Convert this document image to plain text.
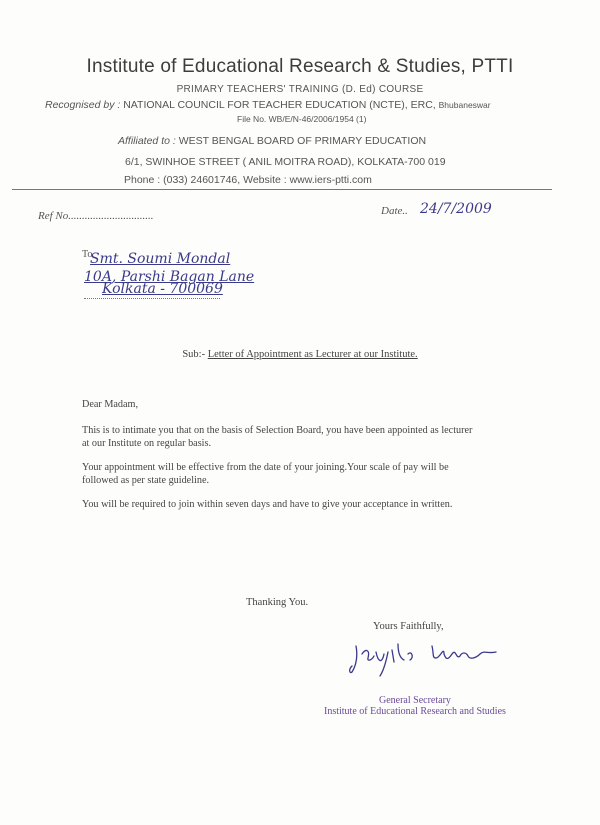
Institute of Educational Research & Studies, PTTI
PRIMARY TEACHERS' TRAINING (D. Ed) COURSE
Recognised by : NATIONAL COUNCIL FOR TEACHER EDUCATION (NCTE), ERC, Bhubaneswar
File No. WB/E/N-46/2006/1954 (1)
Affiliated to : WEST BENGAL BOARD OF PRIMARY EDUCATION
6/1, SWINHOE STREET ( ANIL MOITRA ROAD), KOLKATA-700 019
Phone : (033) 24601746, Website : www.iers-ptti.com
Ref No...............................	Date.. 24/7/2009
To
Smt. Soumi Mondal
10A, Parshi Bagan Lane
Kolkata - 700069
Sub:- Letter of Appointment as Lecturer at our Institute.
Dear Madam,
This is to intimate you that on the basis of Selection Board, you have been appointed as lecturer at our Institute on regular basis.
Your appointment will be effective from the date of your joining.Your scale of pay will be followed as per state guideline.
You will be required to join within seven days and have to give your acceptance in written.
Thanking You.
Yours Faithfully,
General Secretary
Institute of Educational Research and Studies
